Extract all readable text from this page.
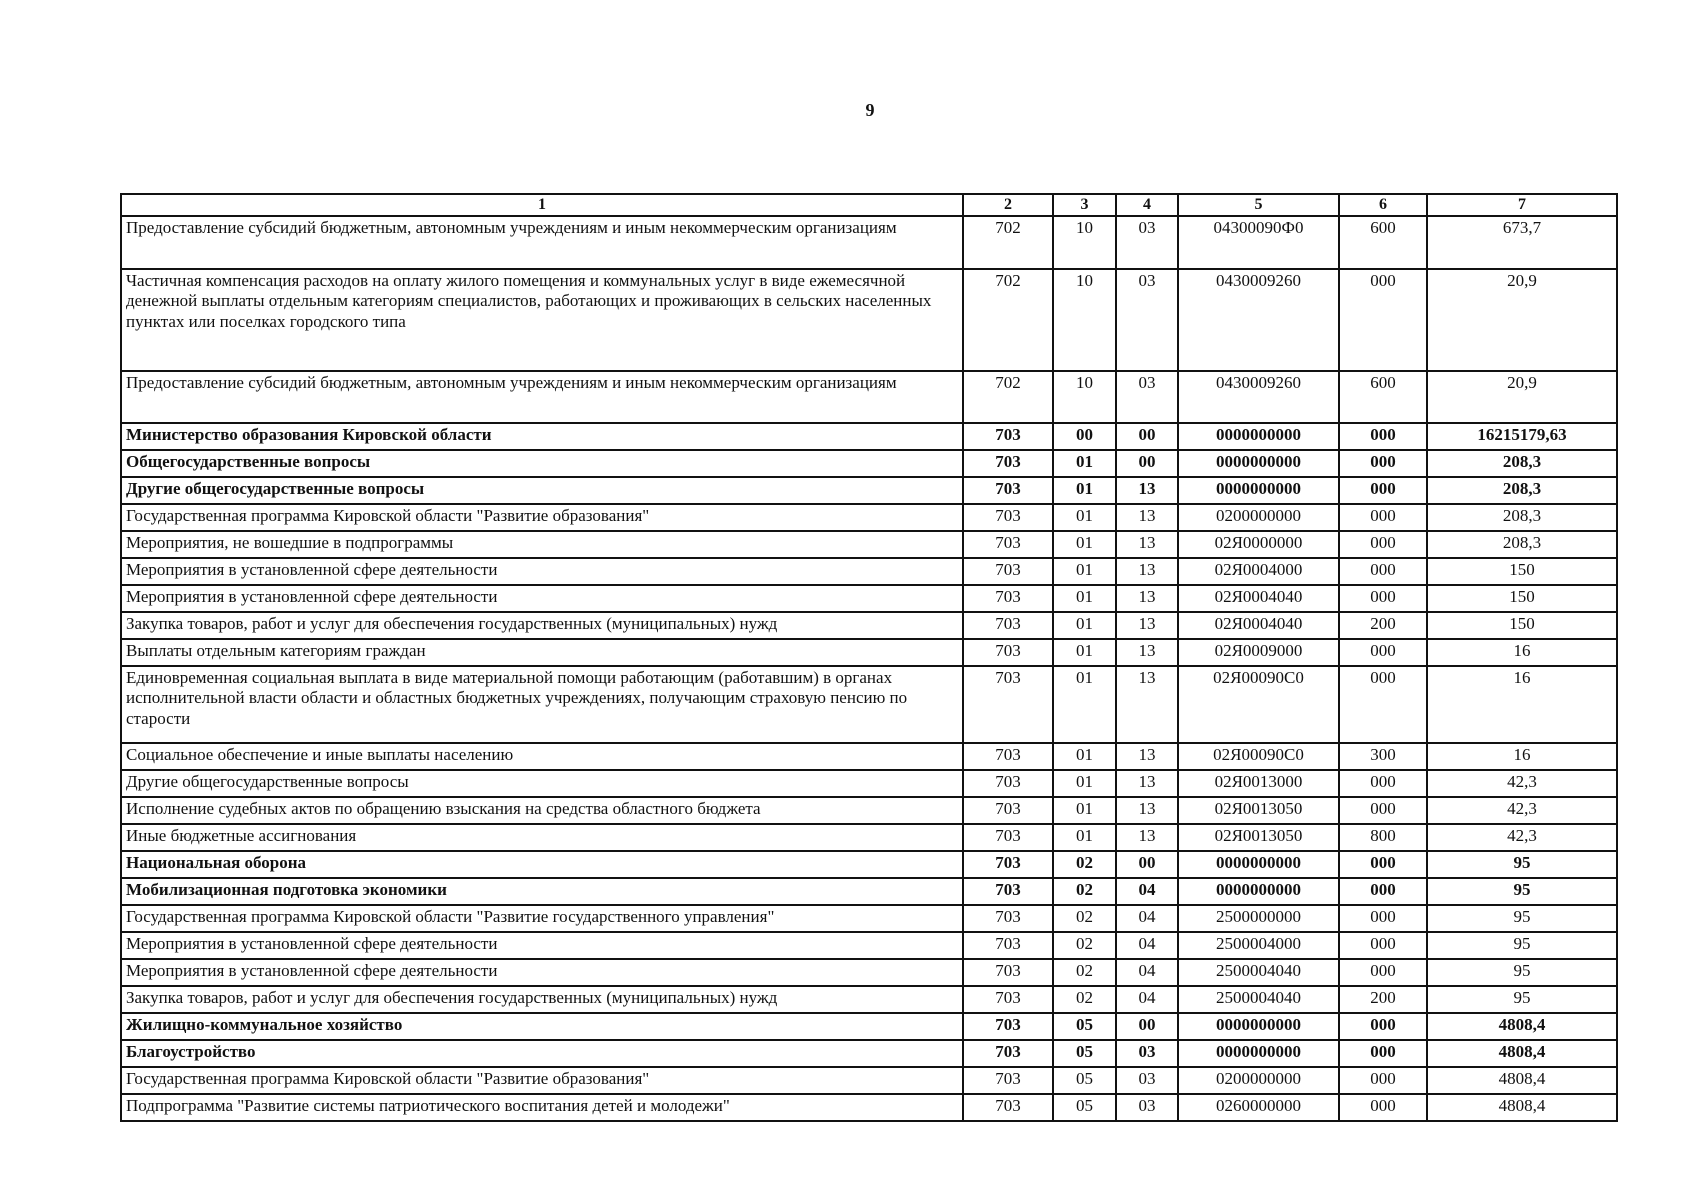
9
1	2	3	4	5	6	7
Предоставление субсидий бюджетным, автономным учреждениям и иным некоммерческим организациям	702	10	03	04300090Ф0	600	673,7
Частичная компенсация расходов на оплату жилого помещения и коммунальных услуг в виде ежемесячной денежной выплаты отдельным категориям специалистов, работающих и проживающих в сельских населенных пунктах или поселках городского типа	702	10	03	0430009260	000	20,9
Предоставление субсидий бюджетным, автономным учреждениям и иным некоммерческим организациям	702	10	03	0430009260	600	20,9
Министерство образования Кировской области	703	00	00	0000000000	000	16215179,63
Общегосударственные вопросы	703	01	00	0000000000	000	208,3
Другие общегосударственные вопросы	703	01	13	0000000000	000	208,3
Государственная программа Кировской области "Развитие образования"	703	01	13	0200000000	000	208,3
Мероприятия, не вошедшие в подпрограммы	703	01	13	02Я0000000	000	208,3
Мероприятия в установленной сфере деятельности	703	01	13	02Я0004000	000	150
Мероприятия в установленной сфере деятельности	703	01	13	02Я0004040	000	150
Закупка товаров, работ и услуг для обеспечения государственных (муниципальных) нужд	703	01	13	02Я0004040	200	150
Выплаты отдельным категориям граждан	703	01	13	02Я0009000	000	16
Единовременная социальная выплата в виде материальной помощи работающим (работавшим) в органах исполнительной власти области и областных бюджетных учреждениях, получающим страховую пенсию по старости	703	01	13	02Я00090С0	000	16
Социальное обеспечение и иные выплаты населению	703	01	13	02Я00090С0	300	16
Другие общегосударственные вопросы	703	01	13	02Я0013000	000	42,3
Исполнение судебных актов по обращению взыскания на средства областного бюджета	703	01	13	02Я0013050	000	42,3
Иные бюджетные ассигнования	703	01	13	02Я0013050	800	42,3
Национальная оборона	703	02	00	0000000000	000	95
Мобилизационная подготовка экономики	703	02	04	0000000000	000	95
Государственная программа Кировской области "Развитие государственного управления"	703	02	04	2500000000	000	95
Мероприятия в установленной сфере деятельности	703	02	04	2500004000	000	95
Мероприятия в установленной сфере деятельности	703	02	04	2500004040	000	95
Закупка товаров, работ и услуг для обеспечения государственных (муниципальных) нужд	703	02	04	2500004040	200	95
Жилищно-коммунальное хозяйство	703	05	00	0000000000	000	4808,4
Благоустройство	703	05	03	0000000000	000	4808,4
Государственная программа Кировской области "Развитие образования"	703	05	03	0200000000	000	4808,4
Подпрограмма "Развитие системы патриотического воспитания детей и молодежи"	703	05	03	0260000000	000	4808,4
